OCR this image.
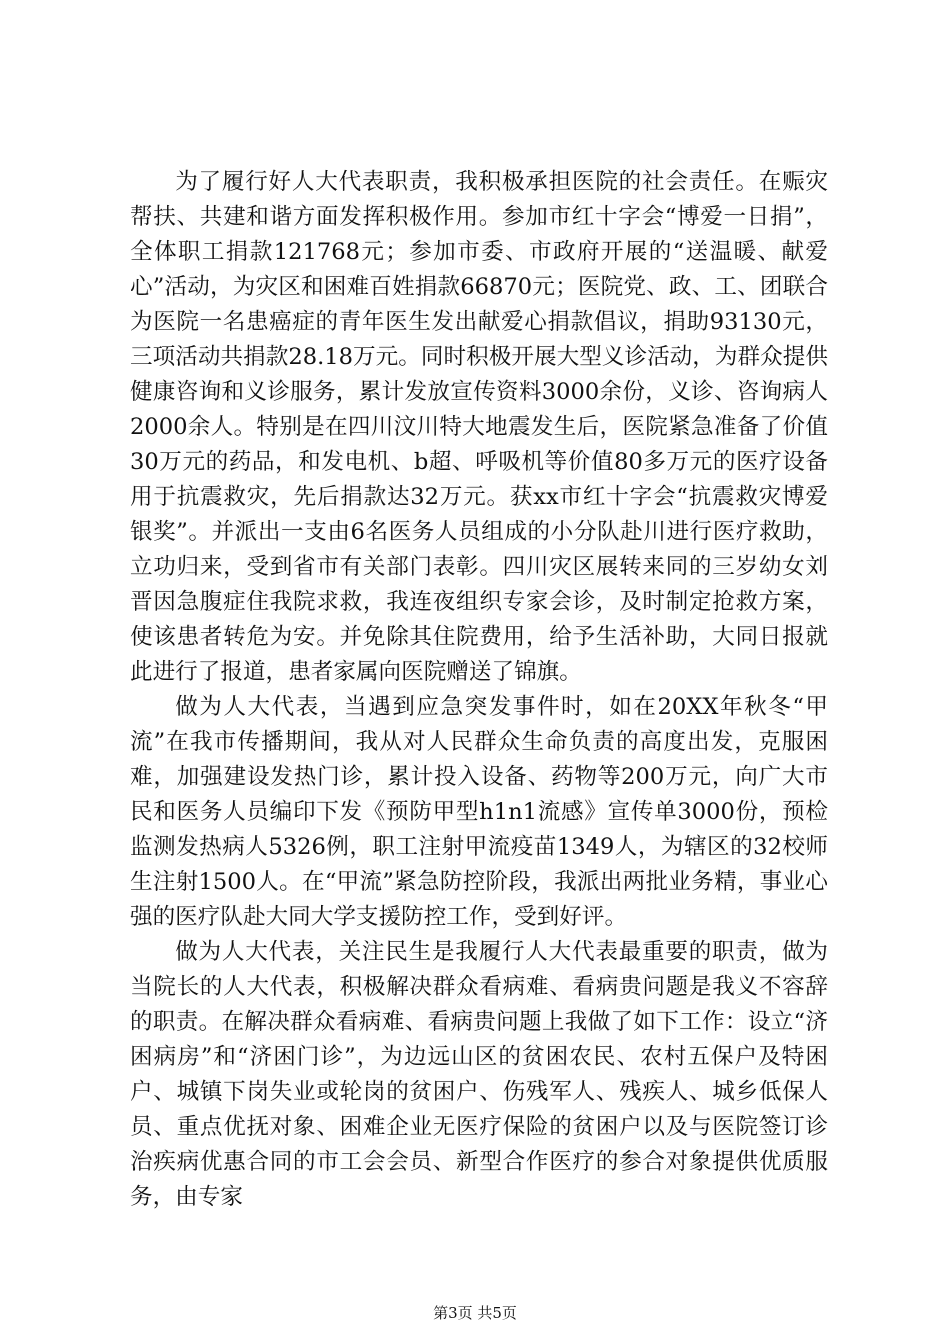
为了履行好人大代表职责，我积极承担医院的社会责任。在赈灾帮扶、共建和谐方面发挥积极作用。参加市红十字会“博爱一日捐”，全体职工捐款121768元；参加市委、市政府开展的“送温暖、献爱心”活动，为灾区和困难百姓捐款66870元；医院党、政、工、团联合为医院一名患癌症的青年医生发出献爱心捐款倡议，捐助93130元，三项活动共捐款28.18万元。同时积极开展大型义诊活动，为群众提供健康咨询和义诊服务，累计发放宣传资料3000余份，义诊、咨询病人2000余人。特别是在四川汶川特大地震发生后，医院紧急准备了价值30万元的药品，和发电机、b超、呼吸机等价值80多万元的医疗设备用于抗震救灾，先后捐款达32万元。获xx市红十字会“抗震救灾博爱银奖”。并派出一支由6名医务人员组成的小分队赴川进行医疗救助，立功归来，受到省市有关部门表彰。四川灾区展转来同的三岁幼女刘晋因急腹症住我院求救，我连夜组织专家会诊，及时制定抢救方案，使该患者转危为安。并免除其住院费用，给予生活补助，大同日报就此进行了报道，患者家属向医院赠送了锦旗。

做为人大代表，当遇到应急突发事件时，如在20XX年秋冬“甲流”在我市传播期间，我从对人民群众生命负责的高度出发，克服困难，加强建设发热门诊，累计投入设备、药物等200万元，向广大市民和医务人员编印下发《预防甲型h1n1流感》宣传单3000份，预检监测发热病人5326例，职工注射甲流疫苗1349人，为辖区的32校师生注射1500人。在“甲流”紧急防控阶段，我派出两批业务精，事业心强的医疗队赴大同大学支援防控工作，受到好评。

做为人大代表，关注民生是我履行人大代表最重要的职责，做为当院长的人大代表，积极解决群众看病难、看病贵问题是我义不容辞的职责。在解决群众看病难、看病贵问题上我做了如下工作：设立“济困病房”和“济困门诊”，为边远山区的贫困农民、农村五保户及特困户、城镇下岗失业或轮岗的贫困户、伤残军人、残疾人、城乡低保人员、重点优抚对象、困难企业无医疗保险的贫困户以及与医院签订诊治疾病优惠合同的市工会会员、新型合作医疗的参合对象提供优质服务，由专家

第3页 共5页
